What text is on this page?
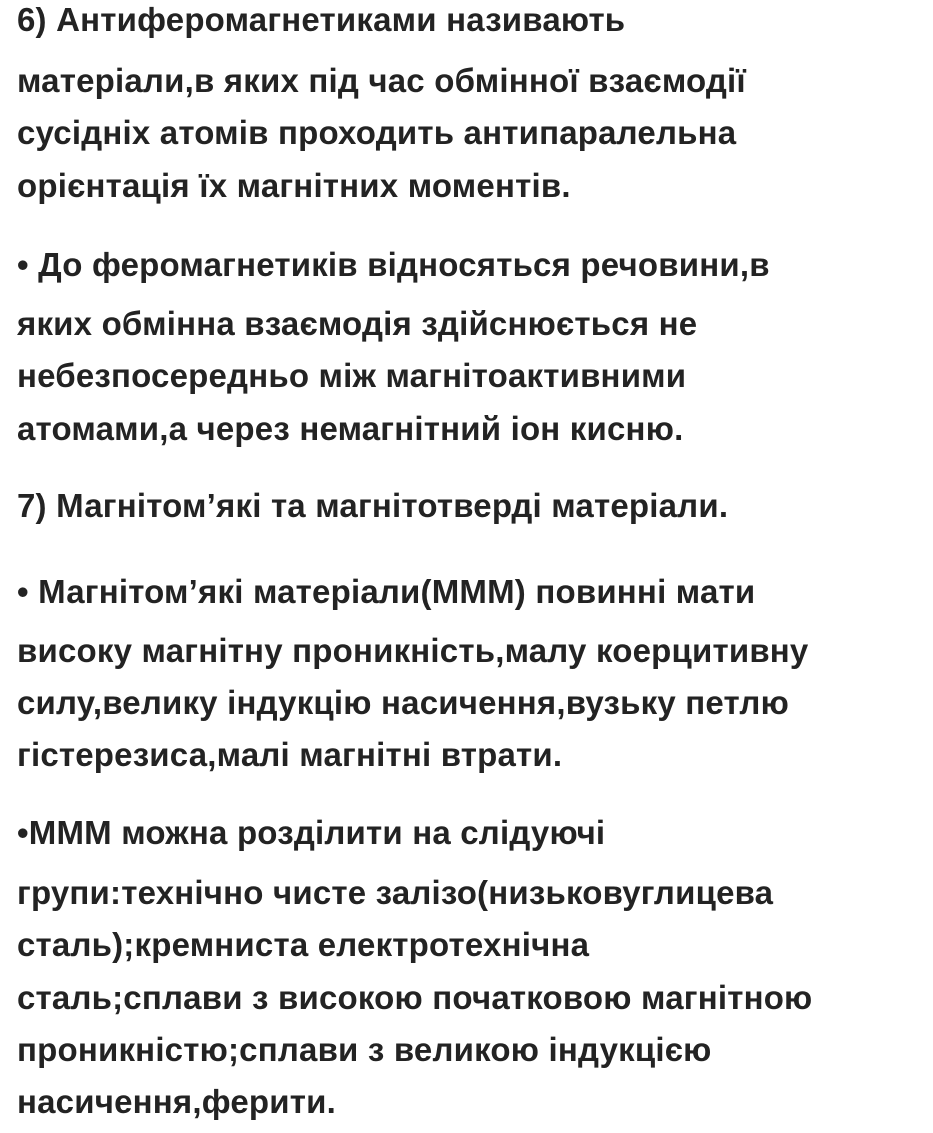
6) Антиферомагнетиками називають
матеріали,в яких під час обмінної взаємодії
сусідніх атомів проходить антипаралельна
орієнтація їх магнітних моментів.
• До феромагнетиків відносяться речовини,в
яких обмінна взаємодія здійснюється не
небезпосередньо між магнітоактивними
атомами,а через немагнітний іон кисню.
7) Магнітом’які та магнітотверді матеріали.
• Магнітом’які матеріали(МММ) повинні мати
високу магнітну проникність,малу коерцитивну
силу,велику індукцію насичення,вузьку петлю
гістерезиса,малі магнітні втрати.
•МММ можна розділити на слідуючі
групи:технічно чисте залізо(низьковуглицева
сталь);кремниста електротехнічна
сталь;сплави з високою початковою магнітною
проникністю;сплави з великою індукцією
насичення,ферити.
